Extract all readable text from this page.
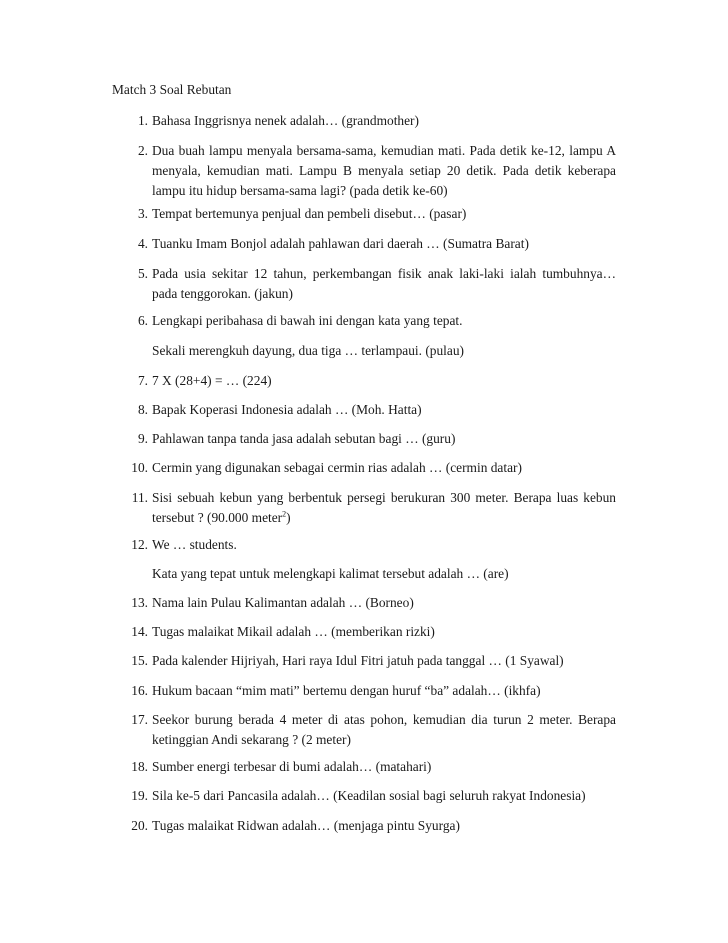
Match 3 Soal Rebutan
1. Bahasa Inggrisnya nenek adalah… (grandmother)
2. Dua buah lampu menyala bersama-sama, kemudian mati. Pada detik ke-12, lampu A menyala, kemudian mati. Lampu B menyala setiap 20 detik. Pada detik keberapa lampu itu hidup bersama-sama lagi? (pada detik ke-60)
3. Tempat bertemunya penjual dan pembeli disebut… (pasar)
4. Tuanku Imam Bonjol adalah pahlawan dari daerah … (Sumatra Barat)
5. Pada usia sekitar 12 tahun, perkembangan fisik anak laki-laki ialah tumbuhnya… pada tenggorokan. (jakun)
6. Lengkapi peribahasa di bawah ini dengan kata yang tepat.
Sekali merengkuh dayung, dua tiga … terlampaui. (pulau)
7. 7 X (28+4) = … (224)
8. Bapak Koperasi Indonesia adalah … (Moh. Hatta)
9. Pahlawan tanpa tanda jasa adalah sebutan bagi … (guru)
10. Cermin yang digunakan sebagai cermin rias adalah … (cermin datar)
11. Sisi sebuah kebun yang berbentuk persegi berukuran 300 meter. Berapa luas kebun tersebut ? (90.000 meter$^2$)
12. We … students.
Kata yang tepat untuk melengkapi kalimat tersebut adalah … (are)
13. Nama lain Pulau Kalimantan adalah … (Borneo)
14. Tugas malaikat Mikail adalah … (memberikan rizki)
15. Pada kalender Hijriyah, Hari raya Idul Fitri jatuh pada tanggal … (1 Syawal)
16. Hukum bacaan “mim mati” bertemu dengan huruf “ba” adalah… (ikhfa)
17. Seekor burung berada 4 meter di atas pohon, kemudian dia turun 2 meter. Berapa ketinggian Andi sekarang ? (2 meter)
18. Sumber energi terbesar di bumi adalah… (matahari)
19. Sila ke-5 dari Pancasila adalah… (Keadilan sosial bagi seluruh rakyat Indonesia)
20. Tugas malaikat Ridwan adalah… (menjaga pintu Syurga)
